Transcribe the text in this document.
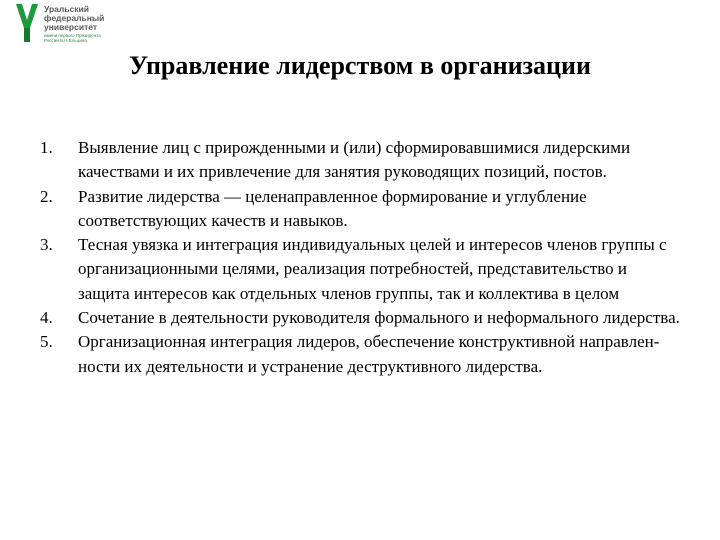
Уральский
федеральный
университет
имени первого Президента
России Б.Н.Ельцина
Управление лидерством в организации
1. Выявление лиц с прирожденными и (или) сформировавшимися лидерскими качествами и их привлечение для занятия руководящих позиций, постов.
2. Развитие лидерства — целенаправленное формирование и углубление соответствующих качеств и навыков.
3. Тесная увязка и интеграция индивидуальных целей и интересов членов группы с организационными целями, реализация потребностей, представительство и защита интересов как отдельных членов группы, так и коллектива в целом
4. Сочетание в деятельности руководителя формального и неформального лидерства.
5. Организационная интеграция лидеров, обеспечение конструктивной направлен-ности их деятельности и устранение деструктивного лидерства.
